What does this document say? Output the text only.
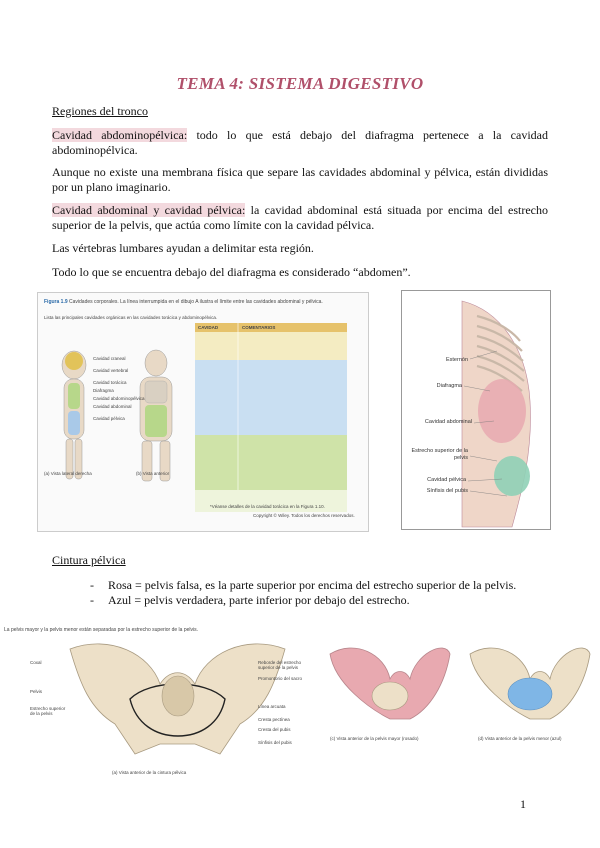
TEMA 4: SISTEMA DIGESTIVO
Regiones del tronco
Cavidad abdominopélvica: todo lo que está debajo del diafragma pertenece a la cavidad abdominopélvica.
Aunque no existe una membrana física que separe las cavidades abdominal y pélvica, están divididas por un plano imaginario.
Cavidad abdominal y cavidad pélvica: la cavidad abdominal está situada por encima del estrecho superior de la pelvis, que actúa como límite con la cavidad pélvica.
Las vértebras lumbares ayudan a delimitar esta región.
Todo lo que se encuentra debajo del diafragma es considerado “abdomen”.
Figura 1.9 Cavidades corporales. La línea interrumpida en el dibujo A ilustra el límite entre las cavidades abdominal y pélvica.
Lista las principales cavidades orgánicas en las cavidades torácica y abdominopélvica.
Cavidad craneal
Cavidad vertebral
Cavidad torácica
Diafragma
Cavidad abdominopélvica
Cavidad abdominal
Cavidad pélvica
(a) Vista lateral derecha	(b) Vista anterior
CAVIDAD	COMENTARIOS
*Véanse detalles de la cavidad torácica en la Figura 1.10.
Copyright © Wiley. Todos los derechos reservados.
Esternón
Diafragma
Cavidad abdominal
Estrecho superior de la pelvis
Cavidad pélvica
Sínfisis del pubis
Cintura pélvica
- Rosa = pelvis falsa, es la parte superior por encima del estrecho superior de la pelvis.
- Azul = pelvis verdadera, parte inferior por debajo del estrecho.
La pelvis mayor y la pelvis menor están separadas por la estrecho superior de la pelvis.
Coxal
Pelvis
Estrecho superior de la pelvis
Reborde del estrecho superior de la pelvis
Promontorio del sacro
Línea arcuata
Cresta pectínea
Cresta del pubis
Sínfisis del pubis
(a) Vista anterior de la cintura pélvica
(c) Vista anterior de la pelvis mayor (rosado)	(d) Vista anterior de la pelvis menor (azul)
1
